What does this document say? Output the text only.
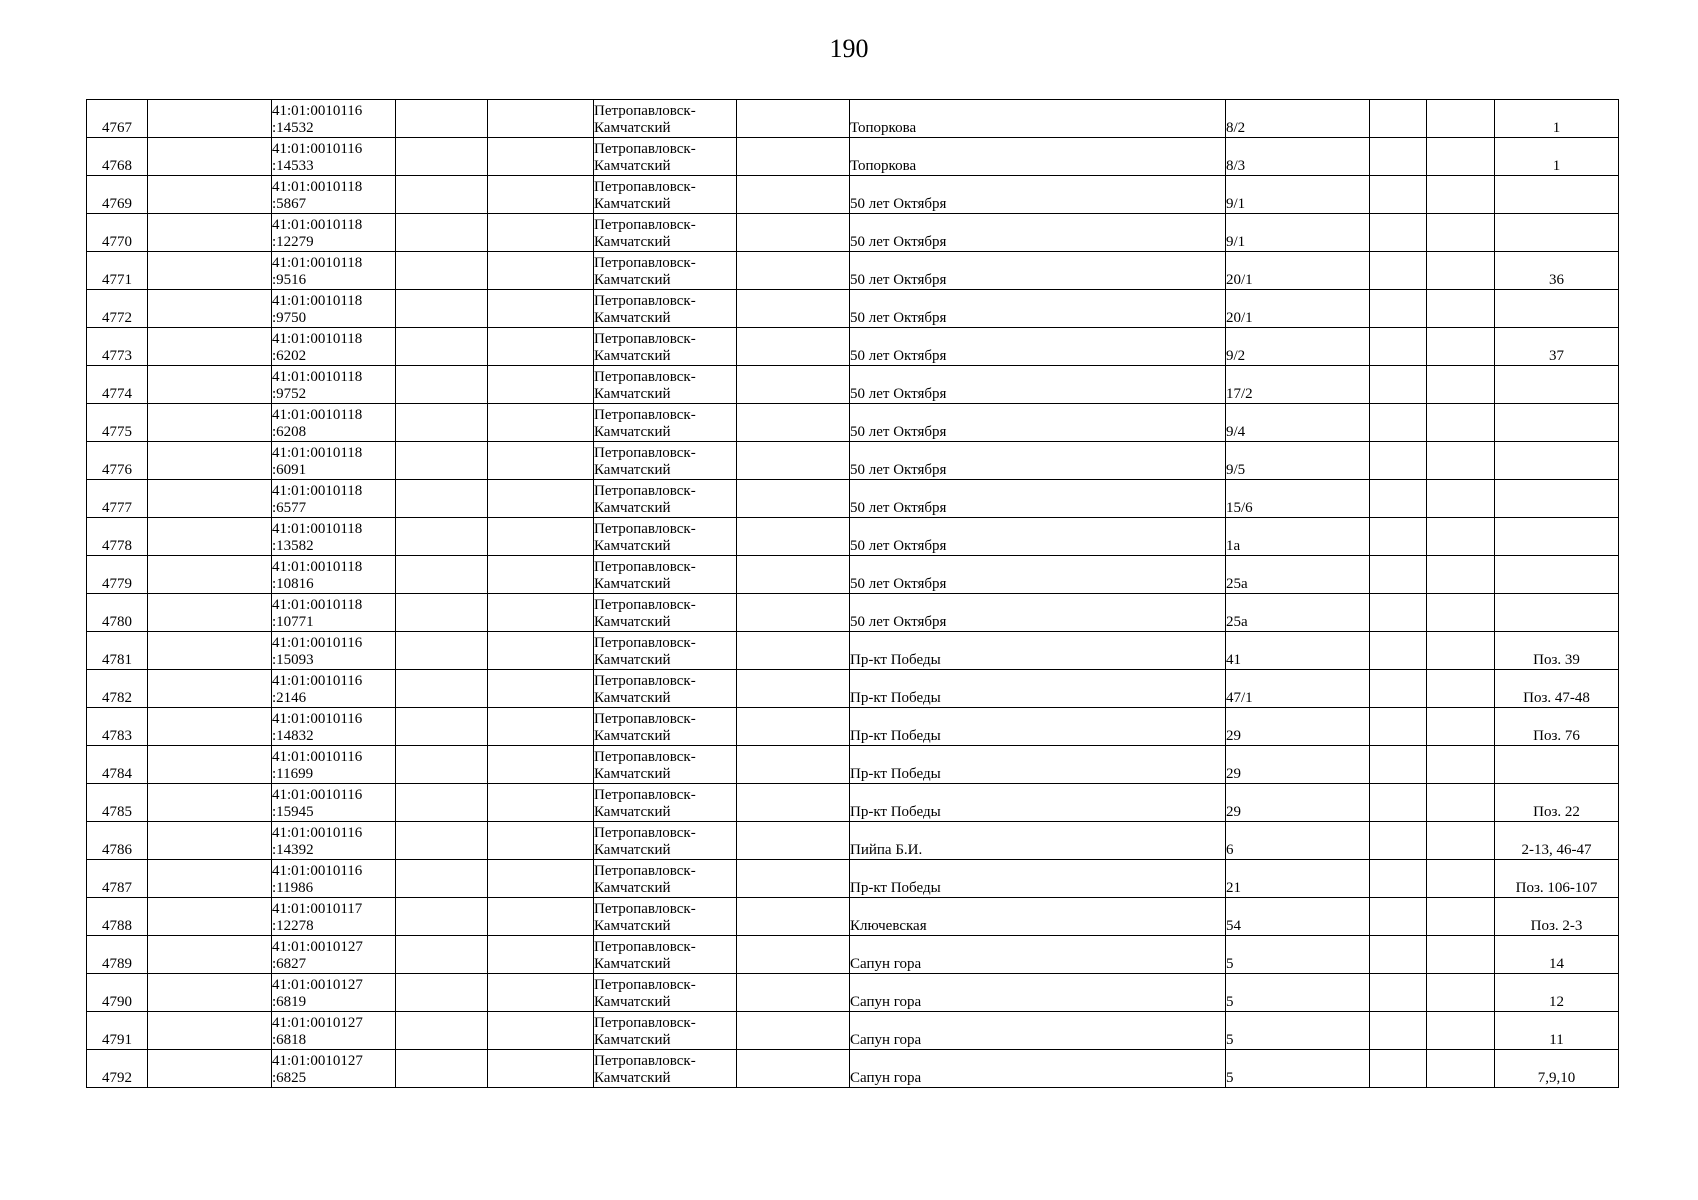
190
4767		41:01:0010116
:14532			Петропавловск-
Камчатский		Топоркова	8/2			1
4768		41:01:0010116
:14533			Петропавловск-
Камчатский		Топоркова	8/3			1
4769		41:01:0010118
:5867			Петропавловск-
Камчатский		50 лет Октября	9/1			
4770		41:01:0010118
:12279			Петропавловск-
Камчатский		50 лет Октября	9/1			
4771		41:01:0010118
:9516			Петропавловск-
Камчатский		50 лет Октября	20/1			36
4772		41:01:0010118
:9750			Петропавловск-
Камчатский		50 лет Октября	20/1			
4773		41:01:0010118
:6202			Петропавловск-
Камчатский		50 лет Октября	9/2			37
4774		41:01:0010118
:9752			Петропавловск-
Камчатский		50 лет Октября	17/2			
4775		41:01:0010118
:6208			Петропавловск-
Камчатский		50 лет Октября	9/4			
4776		41:01:0010118
:6091			Петропавловск-
Камчатский		50 лет Октября	9/5			
4777		41:01:0010118
:6577			Петропавловск-
Камчатский		50 лет Октября	15/6			
4778		41:01:0010118
:13582			Петропавловск-
Камчатский		50 лет Октября	1а			
4779		41:01:0010118
:10816			Петропавловск-
Камчатский		50 лет Октября	25а			
4780		41:01:0010118
:10771			Петропавловск-
Камчатский		50 лет Октября	25а			
4781		41:01:0010116
:15093			Петропавловск-
Камчатский		Пр-кт Победы	41			Поз. 39
4782		41:01:0010116
:2146			Петропавловск-
Камчатский		Пр-кт Победы	47/1			Поз. 47-48
4783		41:01:0010116
:14832			Петропавловск-
Камчатский		Пр-кт Победы	29			Поз. 76
4784		41:01:0010116
:11699			Петропавловск-
Камчатский		Пр-кт Победы	29			
4785		41:01:0010116
:15945			Петропавловск-
Камчатский		Пр-кт Победы	29			Поз. 22
4786		41:01:0010116
:14392			Петропавловск-
Камчатский		Пийпа Б.И.	6			2-13, 46-47
4787		41:01:0010116
:11986			Петропавловск-
Камчатский		Пр-кт Победы	21			Поз. 106-107
4788		41:01:0010117
:12278			Петропавловск-
Камчатский		Ключевская	54			Поз. 2-3
4789		41:01:0010127
:6827			Петропавловск-
Камчатский		Сапун гора	5			14
4790		41:01:0010127
:6819			Петропавловск-
Камчатский		Сапун гора	5			12
4791		41:01:0010127
:6818			Петропавловск-
Камчатский		Сапун гора	5			11
4792		41:01:0010127
:6825			Петропавловск-
Камчатский		Сапун гора	5			7,9,10
